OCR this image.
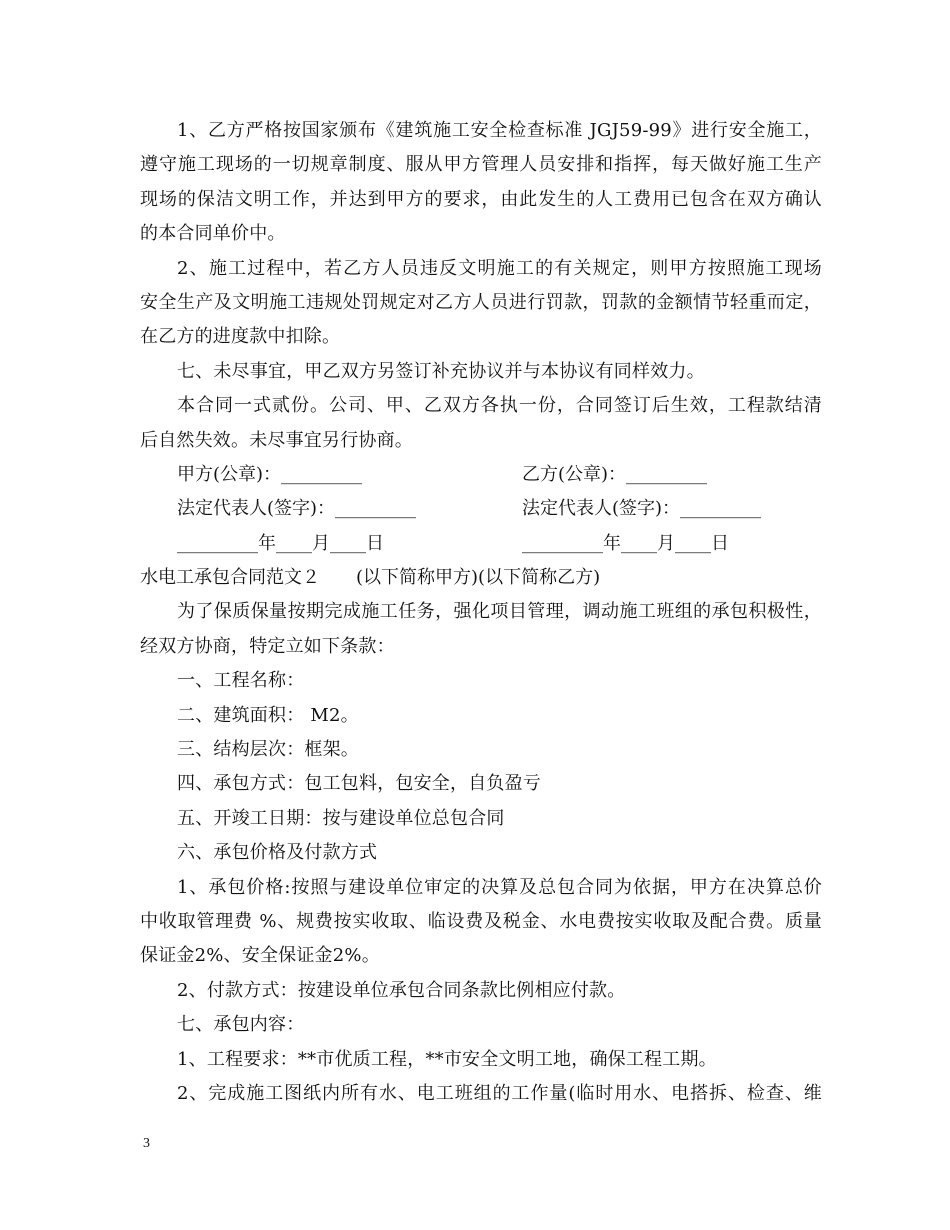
1、乙方严格按国家颁布《建筑施工安全检查标准 JGJ59-99》进行安全施工，
遵守施工现场的一切规章制度、服从甲方管理人员安排和指挥，每天做好施工生产
现场的保洁文明工作，并达到甲方的要求，由此发生的人工费用已包含在双方确认
的本合同单价中。
2、施工过程中，若乙方人员违反文明施工的有关规定，则甲方按照施工现场
安全生产及文明施工违规处罚规定对乙方人员进行罚款，罚款的金额情节轻重而定，
在乙方的进度款中扣除。
七、未尽事宜，甲乙双方另签订补充协议并与本协议有同样效力。
本合同一式贰份。公司、甲、乙双方各执一份，合同签订后生效，工程款结清
后自然失效。未尽事宜另行协商。
甲方(公章)：_________	乙方(公章)：_________
法定代表人(签字)：_________	法定代表人(签字)：_________
_________年____月____日	_________年____月____日
水电工承包合同范文２ (以下简称甲方)(以下简称乙方)
为了保质保量按期完成施工任务，强化项目管理，调动施工班组的承包积极性，
经双方协商，特定立如下条款：
一、工程名称：
二、建筑面积： M2。
三、结构层次：框架。
四、承包方式：包工包料，包安全，自负盈亏
五、开竣工日期：按与建设单位总包合同
六、承包价格及付款方式
1、承包价格:按照与建设单位审定的决算及总包合同为依据，甲方在决算总价
中收取管理费 %、规费按实收取、临设费及税金、水电费按实收取及配合费。质量
保证金2%、安全保证金2%。
2、付款方式：按建设单位承包合同条款比例相应付款。
七、承包内容：
1、工程要求：**市优质工程，**市安全文明工地，确保工程工期。
2、完成施工图纸内所有水、电工班组的工作量(临时用水、电搭拆、检查、维
3
